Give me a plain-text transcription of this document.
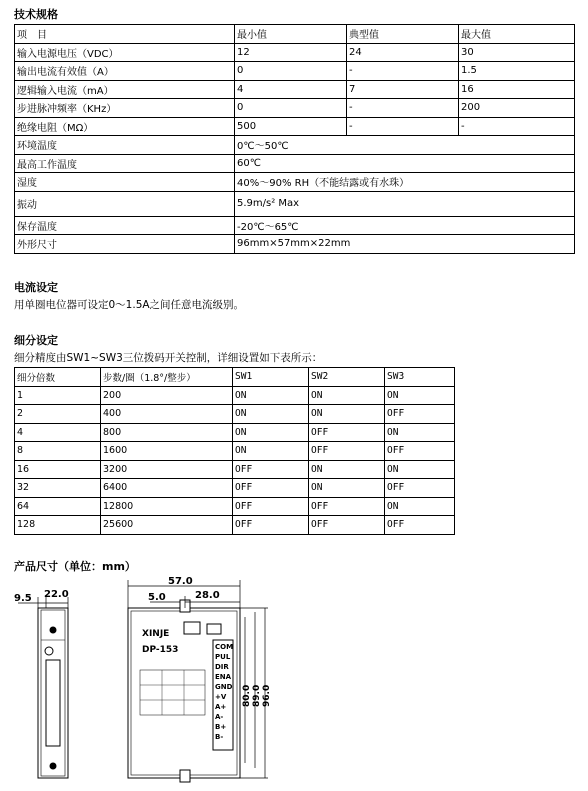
技术规格
项　目	最小值	典型值	最大值
输入电源电压（VDC）	12	24	30
输出电流有效值（A）	0	-	1.5
逻辑输入电流（mA）	4	7	16
步进脉冲频率（KHz）	0	-	200
绝缘电阻（MΩ）	500	-	-
环境温度	0℃～50℃		
最高工作温度	60℃		
湿度	40%～90% RH（不能结露或有水珠）		
振动	5.9m/s² Max		
保存温度	-20℃～65℃		
外形尺寸	96mm×57mm×22mm		
电流设定
用单圈电位器可设定0～1.5A之间任意电流级别。
细分设定
细分精度由SW1~SW3三位拨码开关控制，详细设置如下表所示：
细分倍数	步数/圈（1.8°/整步）	SW1	SW2	SW3
1	200	ON	ON	ON
2	400	ON	ON	OFF
4	800	ON	OFF	ON
8	1600	ON	OFF	OFF
16	3200	OFF	ON	ON
32	6400	OFF	ON	OFF
64	12800	OFF	OFF	ON
128	25600	OFF	OFF	OFF
产品尺寸（单位：mm）
9.5 22.0
57.0
5.0	28.0
XINJE
DP-153	COM
PUL
DIR
ENA
GND
+V
A+
A-
B+
B-
80.0 89.0 96.0
